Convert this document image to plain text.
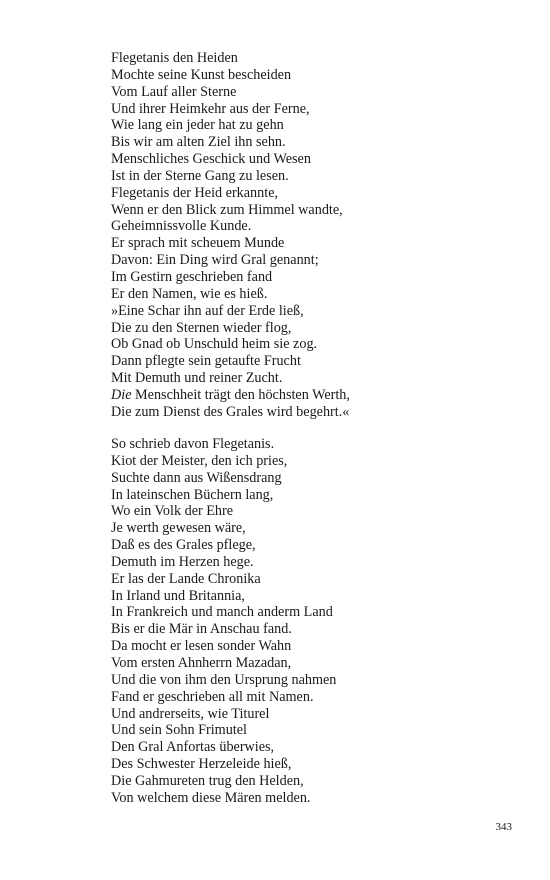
Flegetanis den Heiden
Mochte seine Kunst bescheiden
Vom Lauf aller Sterne
Und ihrer Heimkehr aus der Ferne,
Wie lang ein jeder hat zu gehn
Bis wir am alten Ziel ihn sehn.
Menschliches Geschick und Wesen
Ist in der Sterne Gang zu lesen.
Flegetanis der Heid erkannte,
Wenn er den Blick zum Himmel wandte,
Geheimnissvolle Kunde.
Er sprach mit scheuem Munde
Davon: Ein Ding wird Gral genannt;
Im Gestirn geschrieben fand
Er den Namen, wie es hieß.
»Eine Schar ihn auf der Erde ließ,
Die zu den Sternen wieder flog,
Ob Gnad ob Unschuld heim sie zog.
Dann pflegte sein getaufte Frucht
Mit Demuth und reiner Zucht.
Die Menschheit trägt den höchsten Werth,
Die zum Dienst des Grales wird begehrt.«
So schrieb davon Flegetanis.
Kiot der Meister, den ich pries,
Suchte dann aus Wißensdrang
In lateinschen Büchern lang,
Wo ein Volk der Ehre
Je werth gewesen wäre,
Daß es des Grales pflege,
Demuth im Herzen hege.
Er las der Lande Chronika
In Irland und Britannia,
In Frankreich und manch anderm Land
Bis er die Mär in Anschau fand.
Da mocht er lesen sonder Wahn
Vom ersten Ahnherrn Mazadan,
Und die von ihm den Ursprung nahmen
Fand er geschrieben all mit Namen.
Und andrerseits, wie Titurel
Und sein Sohn Frimutel
Den Gral Anfortas überwies,
Des Schwester Herzeleide hieß,
Die Gahmureten trug den Helden,
Von welchem diese Mären melden.
343
